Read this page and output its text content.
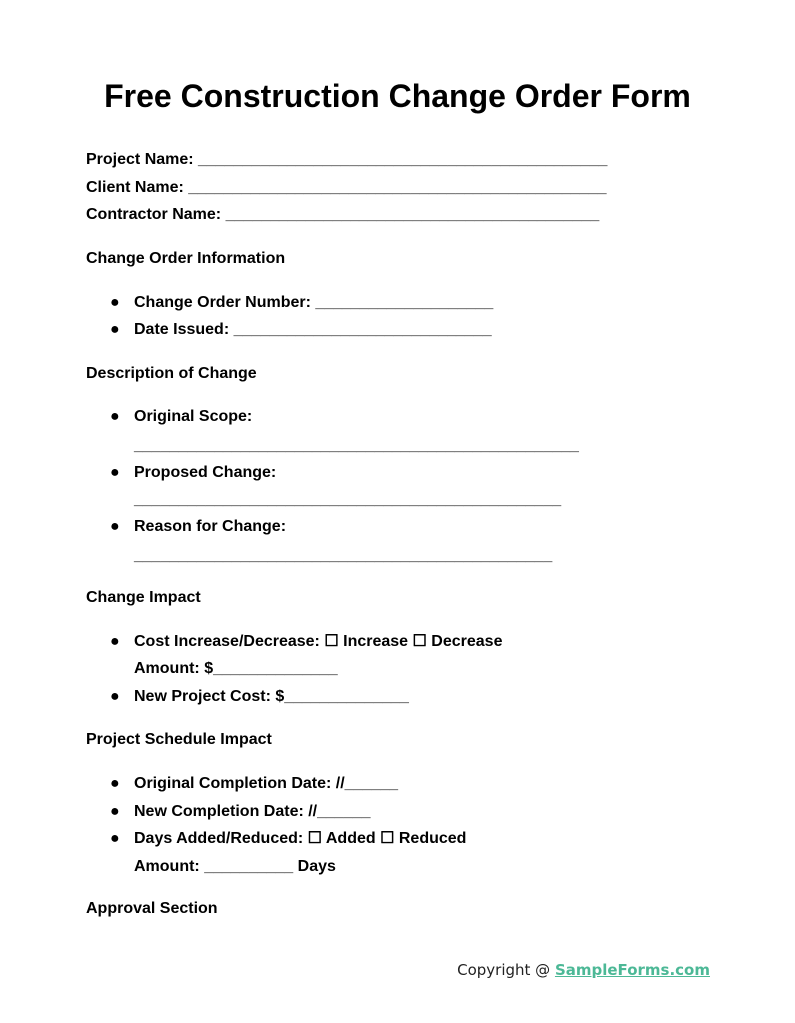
Free Construction Change Order Form
Project Name: ______________________________________________
Client Name: _______________________________________________
Contractor Name: __________________________________________
Change Order Information
● Change Order Number: ____________________
● Date Issued: _____________________________
Description of Change
● Original Scope:
__________________________________________________
● Proposed Change:
________________________________________________
● Reason for Change:
_______________________________________________
Change Impact
● Cost Increase/Decrease: ☐ Increase ☐ Decrease
Amount: $______________
● New Project Cost: $______________
Project Schedule Impact
● Original Completion Date: //______
● New Completion Date: //______
● Days Added/Reduced: ☐ Added ☐ Reduced
Amount: __________ Days
Approval Section
Copyright @ SampleForms.com
